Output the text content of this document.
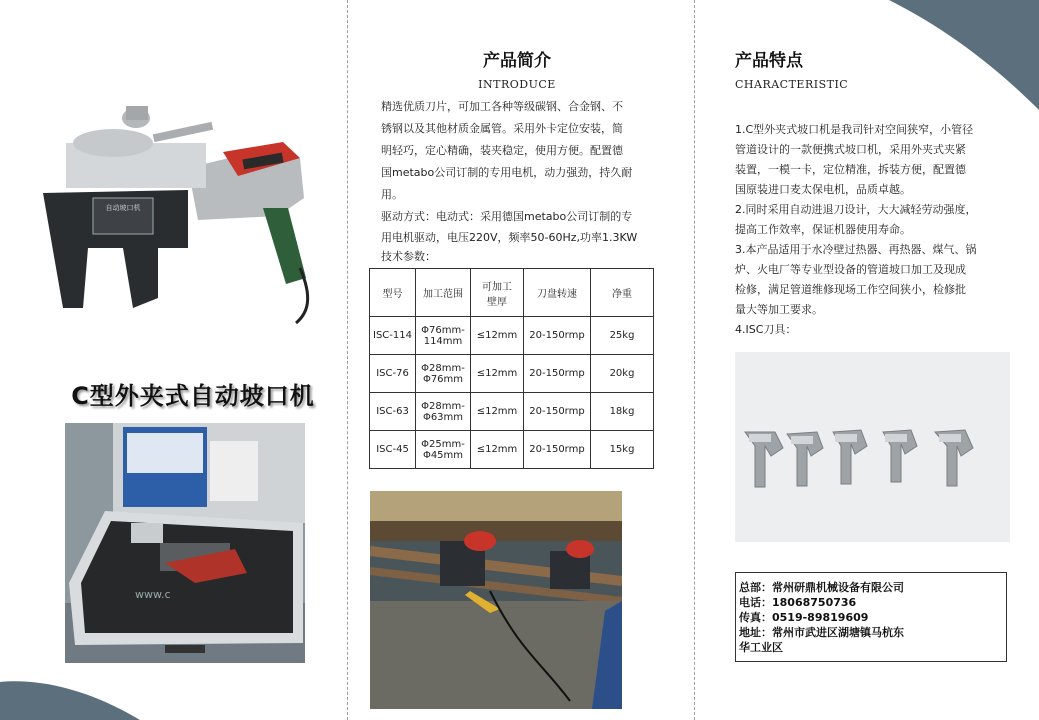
自动坡口机
C型外夹式自动坡口机
www.c
产品简介
INTRODUCE
精选优质刀片，可加工各种等级碳钢、合金钢、不
锈钢以及其他材质金属管。采用外卡定位安装，简
明轻巧，定心精确，装夹稳定，使用方便。配置德
国metabo公司订制的专用电机，动力强劲，持久耐
用。
驱动方式：电动式：采用德国metabo公司订制的专
用电机驱动，电压220V，频率50-60Hz,功率1.3KW
技术参数：
型号	加工范围	可加工壁厚	刀盘转速	净重
ISC-114	Φ76mm-114mm	≤12mm	20-150rmp	25kg
ISC-76	Φ28mm-Φ76mm	≤12mm	20-150rmp	20kg
ISC-63	Φ28mm-Φ63mm	≤12mm	20-150rmp	18kg
ISC-45	Φ25mm-Φ45mm	≤12mm	20-150rmp	15kg
产品特点
CHARACTERISTIC
1.C型外夹式坡口机是我司针对空间狭窄，小管径
管道设计的一款便携式坡口机，采用外夹式夹紧
装置，一模一卡，定位精准，拆装方便，配置德
国原装进口麦太保电机，品质卓越。
2.同时采用自动进退刀设计，大大减轻劳动强度，
提高工作效率，保证机器使用寿命。
3.本产品适用于水冷壁过热器、再热器、煤气、锅
炉、火电厂等专业型设备的管道坡口加工及现成
检修，满足管道维修现场工作空间狭小，检修批
量大等加工要求。
4.ISC刀具：
总部：常州研鼎机械设备有限公司
电话：18068750736
传真：0519-89819609
地址：常州市武进区湖塘镇马杭东
华工业区
